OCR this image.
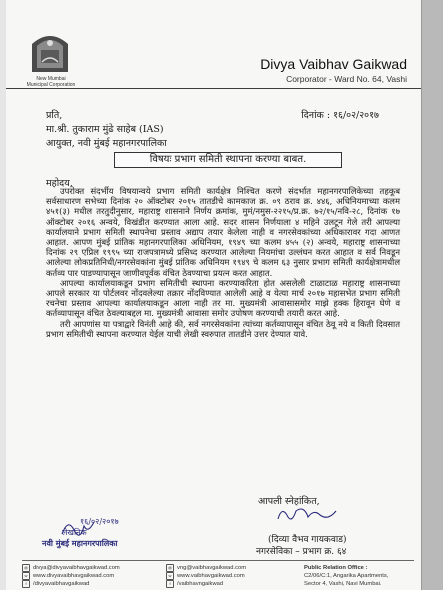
New Mumbai
Municipal Corporation
Divya Vaibhav Gaikwad
Corporator - Ward No. 64, Vashi
दिनांक : १६/०२/२०१७
प्रति,
मा.श्री. तुकाराम मुंढे साहेब (IAS)
आयुक्त, नवी मुंबई महानगरपालिका
विषयः प्रभाग समिती स्थापना करण्या बाबत.
महोदय,

उपरोक्त संदर्भीय विषयान्वये प्रभाग समिती कार्यक्षेत्र निश्चित करणे संदर्भात महानगरपालिकेच्या तहकूब सर्वसाधारण सभेच्या दिनांक २० ऑक्टोबर २०१५ तातडीचे कामकाज क्र. ०९ ठराव क्र. ४४६, अधिनियमाच्या कलम ४५१(३) मधील तरतुदीनुसार, महाराष्ट्र शासनाने निर्णय क्रमांक, मुमं/नमुस-२२१५/प्र.क्र. ७२/१५/नवि-२८, दिनांक १७ ऑक्टोबर २०१६ अन्वये, विखंडीत करण्यात आला आहे. सदर शासन निर्णयाला ४ महिने उलटून गेले तरी आपल्या कार्यालयाने प्रभाग समिती स्थापनेचा प्रस्ताव अद्याप तयार केलेला नाही व नगरसेवकांच्या अधिकारावर गदा आणत आहात. आपण मुंबई प्रांतिक महानगरपालिका अधिनियम, १९४९ च्या कलम ४५५ (२) अन्वये, महाराष्ट्र शासनाच्या दिनांक २९ एप्रिल १९९५ च्या राजपत्रामध्ये प्रसिध्द करण्यात आलेल्या नियमांचा उल्लंघन करत आहात व सर्व निवडून आलेल्या लोकप्रतिनिधी/नगरसेवकांना मुंबई प्रांतिक अधिनियम १९४९ चे कलम ६३ नुसार प्रभाग समिती कार्यक्षेत्रामधील कर्तव्य पार पाडण्यापासून जाणीवपूर्वक वंचित ठेवण्याचा प्रयत्न करत आहात.

आपल्या कार्यालयाकडून प्रभाग समितीची स्थापना करण्याकरिता होत असलेली टाळाटाळ महाराष्ट्र शासनाच्या आपले सरकार या पोर्टलवर नोंदवलेल्या तक्रार नोंदविण्यात आलेली आहे व येत्या मार्च २०१७ महासभेत प्रभाग समिती रचनेचा प्रस्ताव आपल्या कार्यालयाकडून आला नाही तर मा. मुख्यमंत्री आवासासमोर माझे हक्क हिरावून घेणे व कर्तव्यापासून वंचित ठेवल्याबद्दल मा. मुख्यमंत्री आवासा समोर उपोषण करण्याची तयारी करत आहे.

तरी आपणांस या पत्राद्वारे विनंती आहे की, सर्व नगरसेवकांना त्यांच्या कर्तव्यापासून वंचित ठेवू नये व किती दिवसात प्रभाग समितीची स्थापना करण्यात येईल याची लेखी स्वरुपात तातडीने उत्तर देण्यात यावे.

आपली स्नेहांकित,
१६/०२/२०१७
लेखनिक
नवी मुंबई महानगरपालिका	(दिव्या वैभव गायकवाड)
नगरसेविका – प्रभाग क्र. ६४
@ divya@divyavaibhavgaikwad.com
w www.divyavaibhavgaikwad.com
f	/divyavaibhavgaikwad
@ vng@vaibhavgaikwad.com
w www.vaibhavgaikwad.com
f	/vaibhavngaikwad
Public Relation Office :
C2/06/C:1, Angarika Apartments,
Sector 4, Vashi, Navi Mumbai.
